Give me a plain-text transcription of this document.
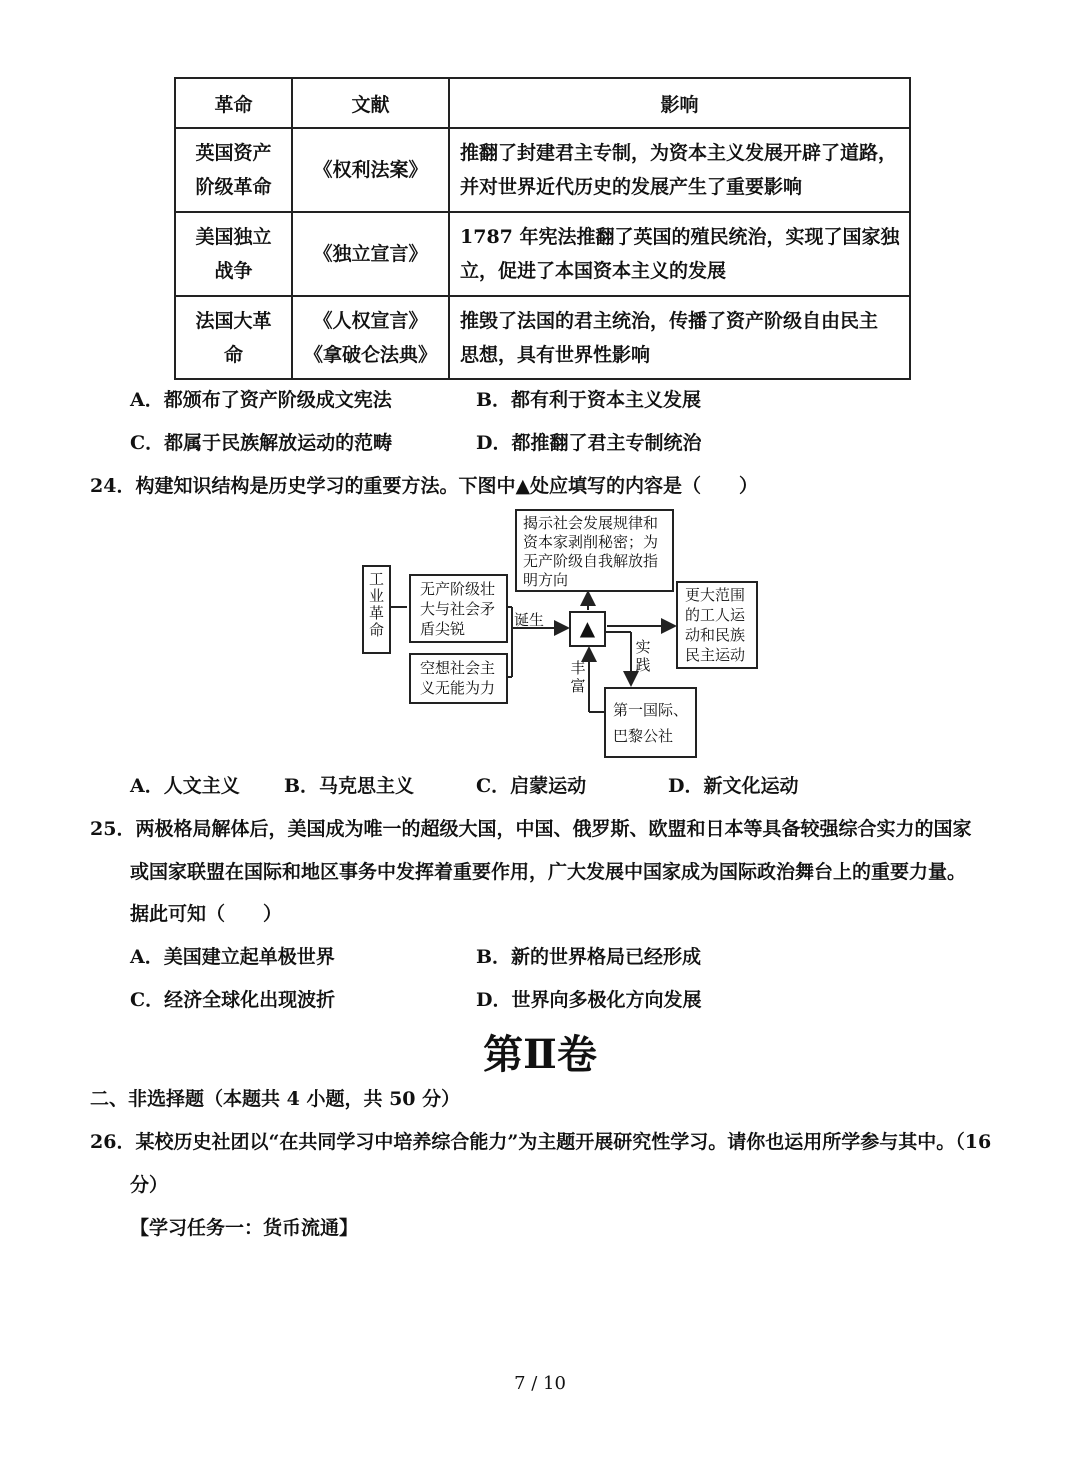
革命	文献	影响

英国资产
阶级革命	《权利法案》	推翻了封建君主专制，为资本主义发展开辟了道路，
并对世界近代历史的发展产生了重要影响

美国独立
战争	《独立宣言》	1787 年宪法推翻了英国的殖民统治，实现了国家独
立，促进了本国资本主义的发展

法国大革
命	《人权宣言》
《拿破仑法典》	推毁了法国的君主统治，传播了资产阶级自由民主
思想，具有世界性影响
A．都颁布了资产阶级成文宪法	B．都有利于资本主义发展
C．都属于民族解放运动的范畴	D．都推翻了君主专制统治
24．构建知识结构是历史学习的重要方法。下图中▲处应填写的内容是（　　）
工
业
革
命
无产阶级壮
大与社会矛
盾尖锐
空想社会主
义无能为力
揭示社会发展规律和
资本家剥削秘密；为
无产阶级自我解放指
明方向
▲
更大范围
的工人运
动和民族
民主运动
第一国际、
巴黎公社
诞生
实
践
丰
富
A．人文主义 B．马克思主义	C．启蒙运动	D．新文化运动
25．两极格局解体后，美国成为唯一的超级大国，中国、俄罗斯、欧盟和日本等具备较强综合实力的国家
或国家联盟在国际和地区事务中发挥着重要作用，广大发展中国家成为国际政治舞台上的重要力量。
据此可知（　　）
A．美国建立起单极世界	B．新的世界格局已经形成
C．经济全球化出现波折	D．世界向多极化方向发展
第Ⅱ卷
二、非选择题（本题共 4 小题，共 50 分）
26．某校历史社团以“在共同学习中培养综合能力”为主题开展研究性学习。请你也运用所学参与其中。（16
分）
【学习任务一：货币流通】
7 / 10
